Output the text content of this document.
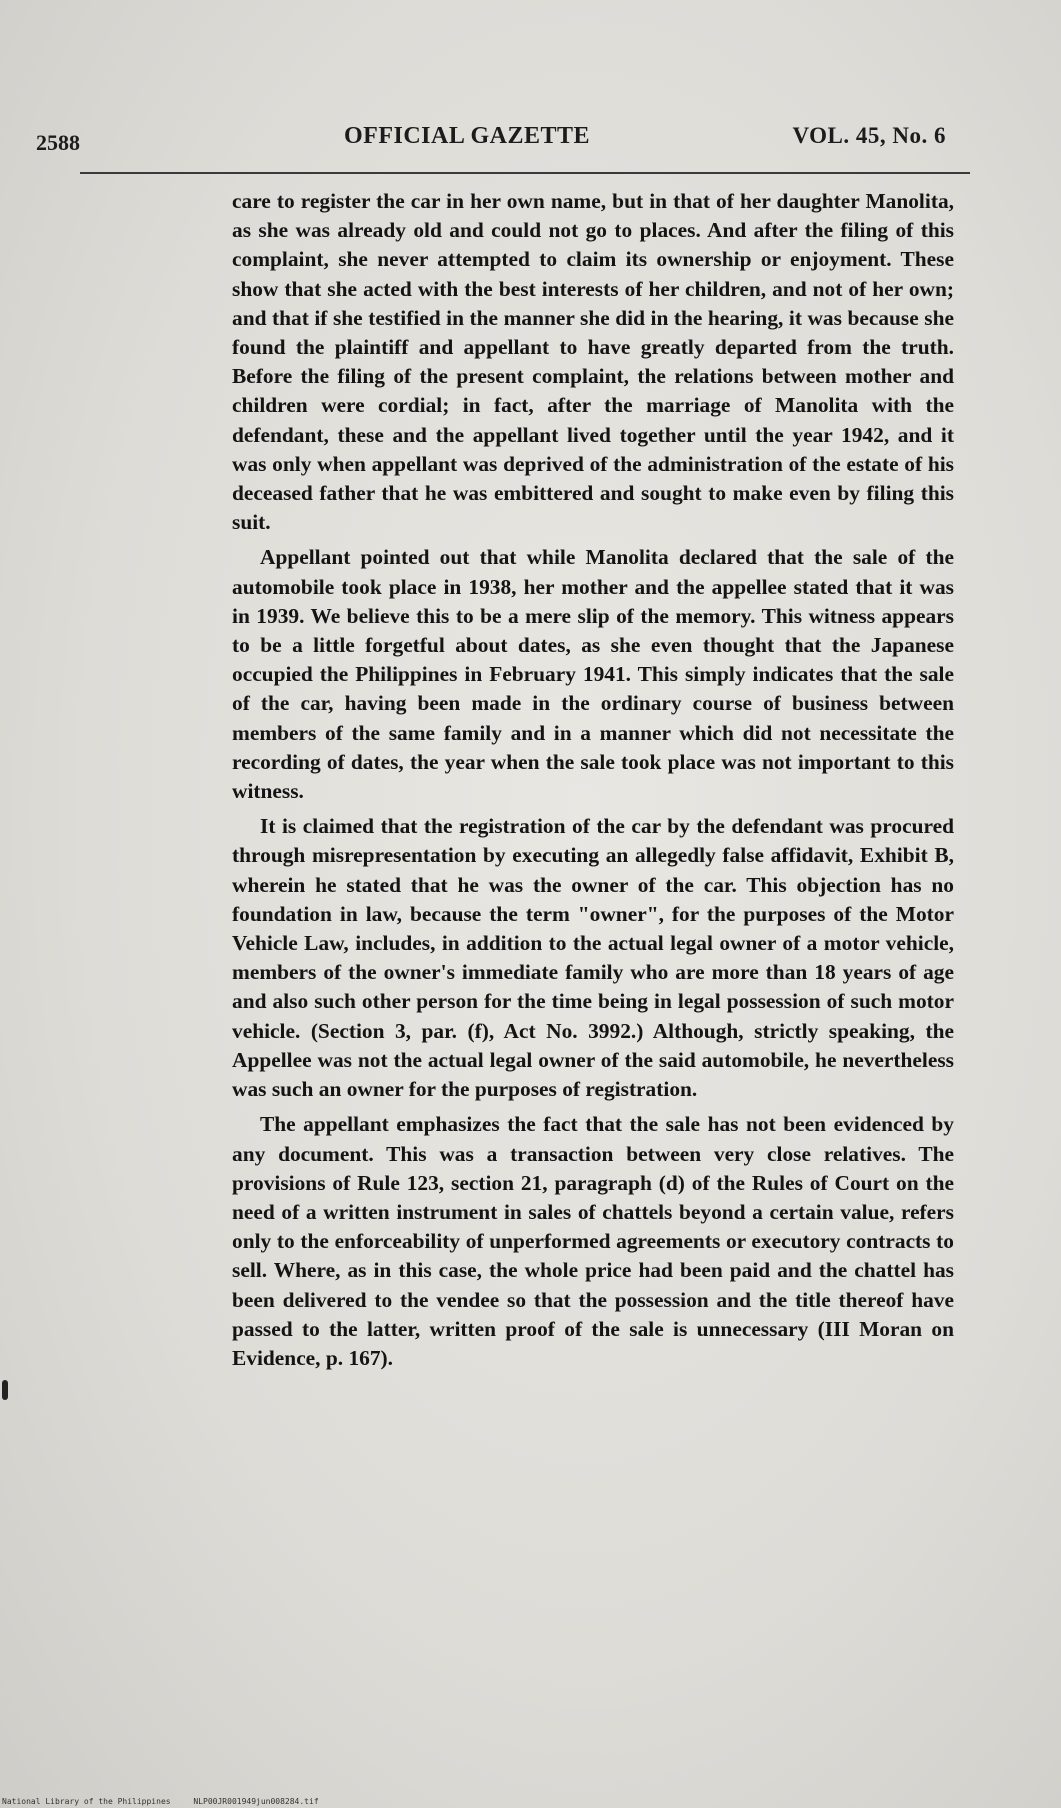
2588	OFFICIAL GAZETTE	VOL. 45, No. 6

care to register the car in her own name, but in that of her daughter Manolita, as she was already old and could not go to places. And after the filing of this complaint, she never attempted to claim its ownership or enjoyment. These show that she acted with the best interests of her children, and not of her own; and that if she testified in the manner she did in the hearing, it was because she found the plaintiff and appellant to have greatly departed from the truth. Before the filing of the present complaint, the relations between mother and children were cordial; in fact, after the marriage of Manolita with the defendant, these and the appellant lived together until the year 1942, and it was only when appellant was deprived of the administration of the estate of his deceased father that he was embittered and sought to make even by filing this suit.

Appellant pointed out that while Manolita declared that the sale of the automobile took place in 1938, her mother and the appellee stated that it was in 1939. We believe this to be a mere slip of the memory. This witness appears to be a little forgetful about dates, as she even thought that the Japanese occupied the Philippines in February 1941. This simply indicates that the sale of the car, having been made in the ordinary course of business between members of the same family and in a manner which did not necessitate the recording of dates, the year when the sale took place was not important to this witness.

It is claimed that the registration of the car by the defendant was procured through misrepresentation by executing an allegedly false affidavit, Exhibit B, wherein he stated that he was the owner of the car. This objection has no foundation in law, because the term "owner", for the purposes of the Motor Vehicle Law, includes, in addition to the actual legal owner of a motor vehicle, members of the owner's immediate family who are more than 18 years of age and also such other person for the time being in legal possession of such motor vehicle. (Section 3, par. (f), Act No. 3992.) Although, strictly speaking, the Appellee was not the actual legal owner of the said automobile, he nevertheless was such an owner for the purposes of registration.

The appellant emphasizes the fact that the sale has not been evidenced by any document. This was a transaction between very close relatives. The provisions of Rule 123, section 21, paragraph (d) of the Rules of Court on the need of a written instrument in sales of chattels beyond a certain value, refers only to the enforceability of unperformed agreements or executory contracts to sell. Where, as in this case, the whole price had been paid and the chattel has been delivered to the vendee so that the possession and the title thereof have passed to the latter, written proof of the sale is unnecessary (III Moran on Evidence, p. 167).

National Library of the Philippines	NLP00JR001949jun008284.tif
